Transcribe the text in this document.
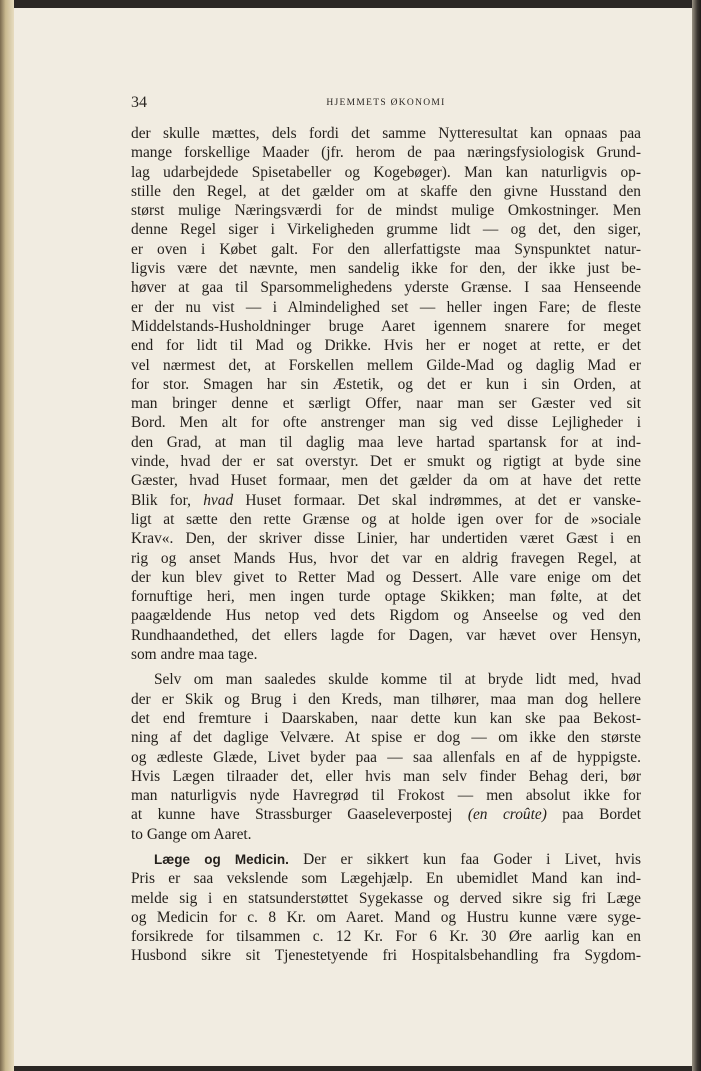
34	HJEMMETS ØKONOMI
der skulle mættes, dels fordi det samme Nytteresultat kan opnaas paa
mange forskellige Maader (jfr. herom de paa næringsfysiologisk Grund-
lag udarbejdede Spisetabeller og Kogebøger). Man kan naturligvis op-
stille den Regel, at det gælder om at skaffe den givne Husstand den
størst mulige Næringsværdi for de mindst mulige Omkostninger. Men
denne Regel siger i Virkeligheden grumme lidt — og det, den siger,
er oven i Købet galt. For den allerfattigste maa Synspunktet natur-
ligvis være det nævnte, men sandelig ikke for den, der ikke just be-
høver at gaa til Sparsommelighedens yderste Grænse. I saa Henseende
er der nu vist — i Almindelighed set — heller ingen Fare; de fleste
Middelstands-Husholdninger bruge Aaret igennem snarere for meget
end for lidt til Mad og Drikke. Hvis her er noget at rette, er det
vel nærmest det, at Forskellen mellem Gilde-Mad og daglig Mad er
for stor. Smagen har sin Æstetik, og det er kun i sin Orden, at
man bringer denne et særligt Offer, naar man ser Gæster ved sit
Bord. Men alt for ofte anstrenger man sig ved disse Lejligheder i
den Grad, at man til daglig maa leve hartad spartansk for at ind-
vinde, hvad der er sat overstyr. Det er smukt og rigtigt at byde sine
Gæster, hvad Huset formaar, men det gælder da om at have det rette
Blik for, hvad Huset formaar. Det skal indrømmes, at det er vanske-
ligt at sætte den rette Grænse og at holde igen over for de »sociale
Krav«. Den, der skriver disse Linier, har undertiden været Gæst i en
rig og anset Mands Hus, hvor det var en aldrig fravegen Regel, at
der kun blev givet to Retter Mad og Dessert. Alle vare enige om det
fornuftige heri, men ingen turde optage Skikken; man følte, at det
paagældende Hus netop ved dets Rigdom og Anseelse og ved den
Rundhaandethed, det ellers lagde for Dagen, var hævet over Hensyn,
som andre maa tage.
Selv om man saaledes skulde komme til at bryde lidt med, hvad
der er Skik og Brug i den Kreds, man tilhører, maa man dog hellere
det end fremture i Daarskaben, naar dette kun kan ske paa Bekost-
ning af det daglige Velvære. At spise er dog — om ikke den største
og ædleste Glæde, Livet byder paa — saa allenfals en af de hyppigste.
Hvis Lægen tilraader det, eller hvis man selv finder Behag deri, bør
man naturligvis nyde Havregrød til Frokost — men absolut ikke for
at kunne have Strassburger Gaaseleverpostej (en croûte) paa Bordet
to Gange om Aaret.
Læge og Medicin. Der er sikkert kun faa Goder i Livet, hvis
Pris er saa vekslende som Lægehjælp. En ubemidlet Mand kan ind-
melde sig i en statsunderstøttet Sygekasse og derved sikre sig fri Læge
og Medicin for c. 8 Kr. om Aaret. Mand og Hustru kunne være syge-
forsikrede for tilsammen c. 12 Kr. For 6 Kr. 30 Øre aarlig kan en
Husbond sikre sit Tjenestetyende fri Hospitalsbehandling fra Sygdom-
